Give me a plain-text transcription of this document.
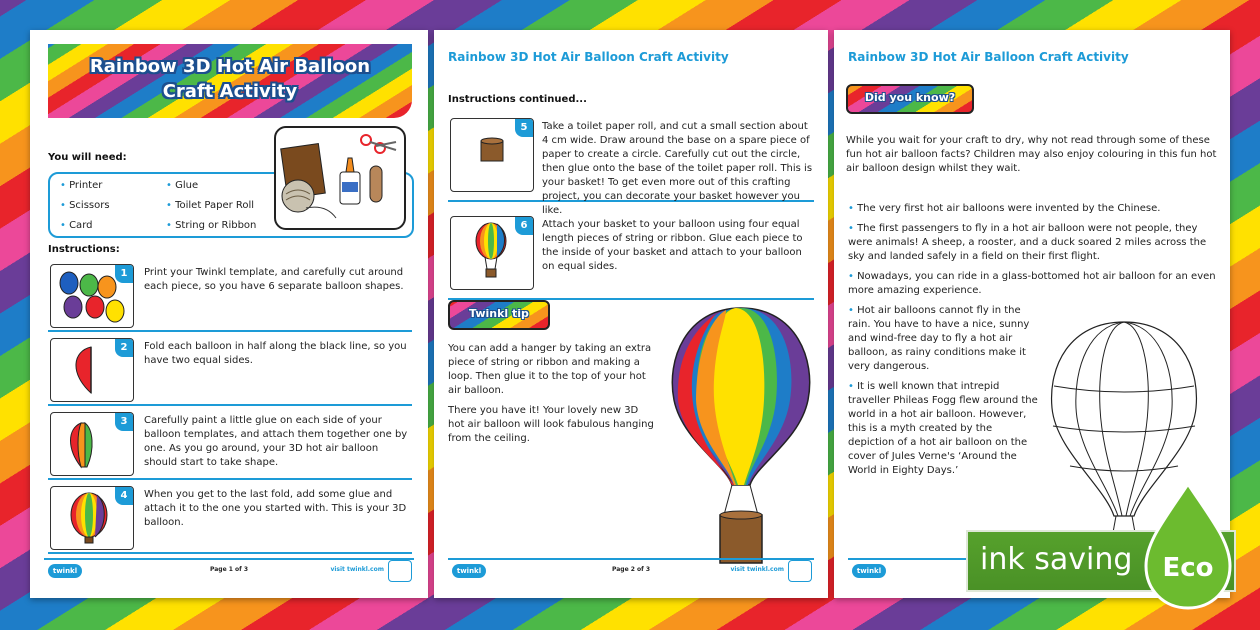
Rainbow 3D Hot Air Balloon
Craft Activity
You will need:
• Printer	• Glue
• Scissors	• Toilet Paper Roll
• Card	• String or Ribbon
Instructions:
1	Print your Twinkl template, and carefully cut around each piece, so you have 6 separate balloon shapes.
2	Fold each balloon in half along the black line, so you have two equal sides.
3	Carefully paint a little glue on each side of your balloon templates, and attach them together one by one. As you go around, your 3D hot air balloon should start to take shape.
4	When you get to the last fold, add some glue and attach it to the one you started with. This is your 3D balloon.
twinkl	Page 1 of 3	visit twinkl.com
Rainbow 3D Hot Air Balloon Craft Activity
Instructions continued...
5	Take a toilet paper roll, and cut a small section about 4 cm wide. Draw around the base on a spare piece of paper to create a circle. Carefully cut out the circle, then glue onto the base of the toilet paper roll. This is your basket! To get even more out of this crafting project, you can decorate your basket however you like.
6	Attach your basket to your balloon using four equal length pieces of string or ribbon. Glue each piece to the inside of your basket and attach to your balloon on equal sides.
Twinkl tip
You can add a hanger by taking an extra piece of string or ribbon and making a loop. Then glue it to the top of your hot air balloon.
There you have it! Your lovely new 3D hot air balloon will look fabulous hanging from the ceiling.
twinkl	Page 2 of 3	visit twinkl.com
Rainbow 3D Hot Air Balloon Craft Activity
Did you know?
While you wait for your craft to dry, why not read through some of these fun hot air balloon facts? Children may also enjoy colouring in this fun hot air balloon design whilst they wait.
• The very first hot air balloons were invented by the Chinese.
• The first passengers to fly in a hot air balloon were not people, they were animals! A sheep, a rooster, and a duck soared 2 miles across the sky and landed safely in a field on their first flight.
• Nowadays, you can ride in a glass-bottomed hot air balloon for an even more amazing experience.
• Hot air balloons cannot fly in the rain. You have to have a nice, sunny and wind-free day to fly a hot air balloon, as rainy conditions make it very dangerous.
• It is well known that intrepid traveller Phileas Fogg flew around the world in a hot air balloon. However, this is a myth created by the depiction of a hot air balloon on the cover of Jules Verne's ‘Around the World in Eighty Days.’
twinkl	ink saving Eco
